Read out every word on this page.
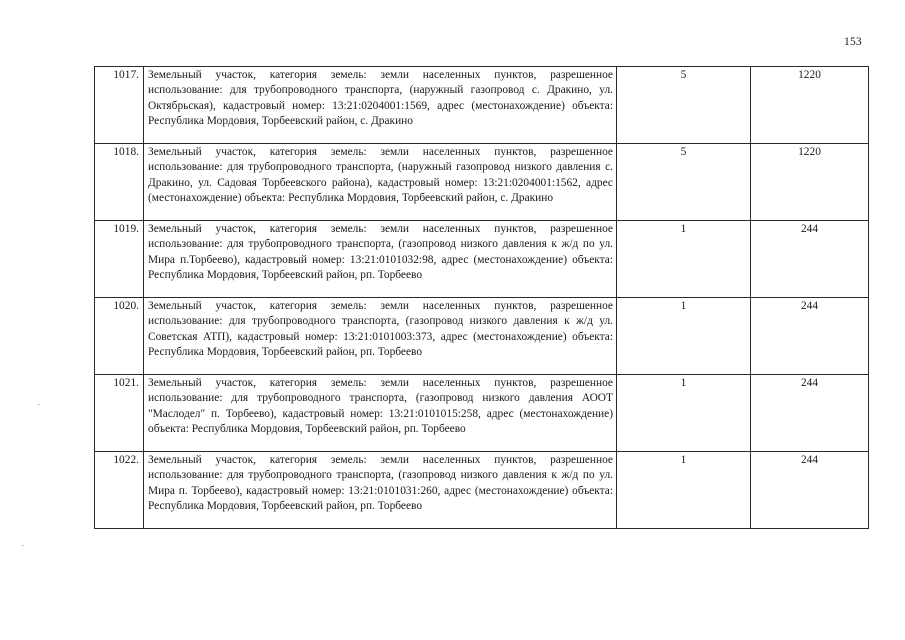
153
1017.	Земельный участок, категория земель: земли населенных пунктов, разрешенное использование: для трубопроводного транспорта, (наружный газопровод с. Дракино, ул. Октябрьская), кадастровый номер: 13:21:0204001:1569, адрес (местонахождение) объекта: Республика Мордовия, Торбеевский район, с. Дракино	5	1220
1018.	Земельный участок, категория земель: земли населенных пунктов, разрешенное использование: для трубопроводного транспорта, (наружный газопровод низкого давления с. Дракино, ул. Садовая Торбеевского района), кадастровый номер: 13:21:0204001:1562, адрес (местонахождение) объекта: Республика Мордовия, Торбеевский район, с. Дракино	5	1220
1019.	Земельный участок, категория земель: земли населенных пунктов, разрешенное использование: для трубопроводного транспорта, (газопровод низкого давления к ж/д по ул. Мира п.Торбеево), кадастровый номер: 13:21:0101032:98, адрес (местонахождение) объекта: Республика Мордовия, Торбеевский район, рп. Торбеево	1	244
1020.	Земельный участок, категория земель: земли населенных пунктов, разрешенное использование: для трубопроводного транспорта, (газопровод низкого давления к ж/д ул. Советская АТП), кадастровый номер: 13:21:0101003:373, адрес (местонахождение) объекта: Республика Мордовия, Торбеевский район, рп. Торбеево	1	244
1021.	Земельный участок, категория земель: земли населенных пунктов, разрешенное использование: для трубопроводного транспорта, (газопровод низкого давления АООТ "Маслодел" п. Торбеево), кадастровый номер: 13:21:0101015:258, адрес (местонахождение) объекта: Республика Мордовия, Торбеевский район, рп. Торбеево	1	244
1022.	Земельный участок, категория земель: земли населенных пунктов, разрешенное использование: для трубопроводного транспорта, (газопровод низкого давления к ж/д по ул. Мира п. Торбеево), кадастровый номер: 13:21:0101031:260, адрес (местонахождение) объекта: Республика Мордовия, Торбеевский район, рп. Торбеево	1	244
